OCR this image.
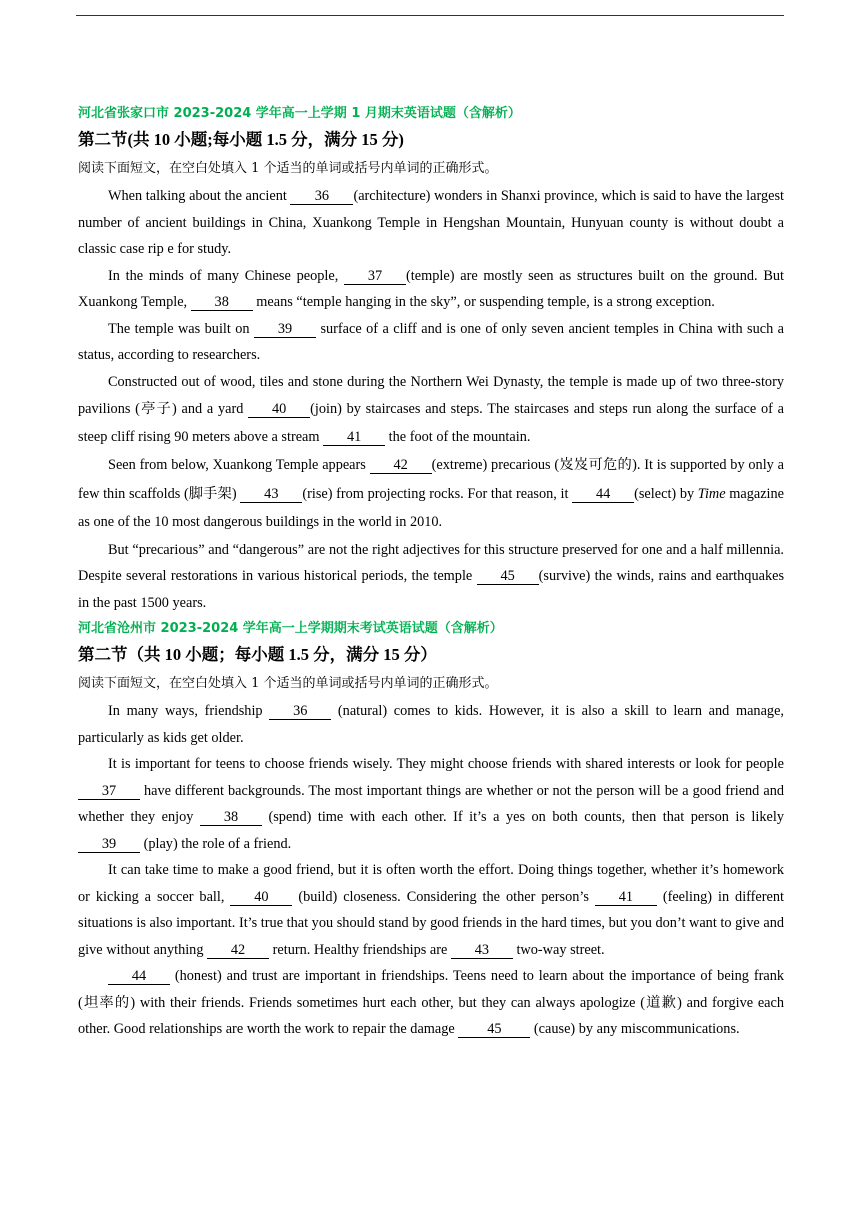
河北省张家口市 2023-2024 学年高一上学期 1 月期末英语试题（含解析）
第二节(共 10 小题;每小题 1.5 分，满分 15 分)
阅读下面短文，在空白处填入 1 个适当的单词或括号内单词的正确形式。

When talking about the ancient 36 (architecture) wonders in Shanxi province, which is said to have the largest number of ancient buildings in China, Xuankong Temple in Hengshan Mountain, Hunyuan county is without doubt a classic case rip e for study.

In the minds of many Chinese people, 37 (temple) are mostly seen as structures built on the ground. But Xuankong Temple, 38 means “temple hanging in the sky”, or suspending temple, is a strong exception.

The temple was built on 39 surface of a cliff and is one of only seven ancient temples in China with such a status, according to researchers.

Constructed out of wood, tiles and stone during the Northern Wei Dynasty, the temple is made up of two three-story pavilions (亭子) and a yard 40 (join) by staircases and steps. The staircases and steps run along the surface of a steep cliff rising 90 meters above a stream 41 the foot of the mountain.

Seen from below, Xuankong Temple appears 42 (extreme) precarious (岌岌可危的). It is supported by only a few thin scaffolds (脚手架) 43 (rise) from projecting rocks. For that reason, it 44 (select) by Time magazine as one of the 10 most dangerous buildings in the world in 2010.

But “precarious” and “dangerous” are not the right adjectives for this structure preserved for one and a half millennia. Despite several restorations in various historical periods, the temple 45 (survive) the winds, rains and earthquakes in the past 1500 years.

河北省沧州市 2023-2024 学年高一上学期期末考试英语试题（含解析）
第二节（共 10 小题；每小题 1.5 分，满分 15 分）
阅读下面短文，在空白处填入 1 个适当的单词或括号内单词的正确形式。

In many ways, friendship 36 (natural) comes to kids. However, it is also a skill to learn and manage, particularly as kids get older.

It is important for teens to choose friends wisely. They might choose friends with shared interests or look for people 37 have different backgrounds. The most important things are whether or not the person will be a good friend and whether they enjoy 38 (spend) time with each other. If it’s a yes on both counts, then that person is likely 39 (play) the role of a friend.

It can take time to make a good friend, but it is often worth the effort. Doing things together, whether it’s homework or kicking a soccer ball, 40 (build) closeness. Considering the other person’s 41 (feeling) in different situations is also important. It’s true that you should stand by good friends in the hard times, but you don’t want to give and give without anything 42 return. Healthy friendships are 43 two-way street.

44 (honest) and trust are important in friendships. Teens need to learn about the importance of being frank (坦率的) with their friends. Friends sometimes hurt each other, but they can always apologize (道歉) and forgive each other. Good relationships are worth the work to repair the damage 45 (cause) by any miscommunications.
